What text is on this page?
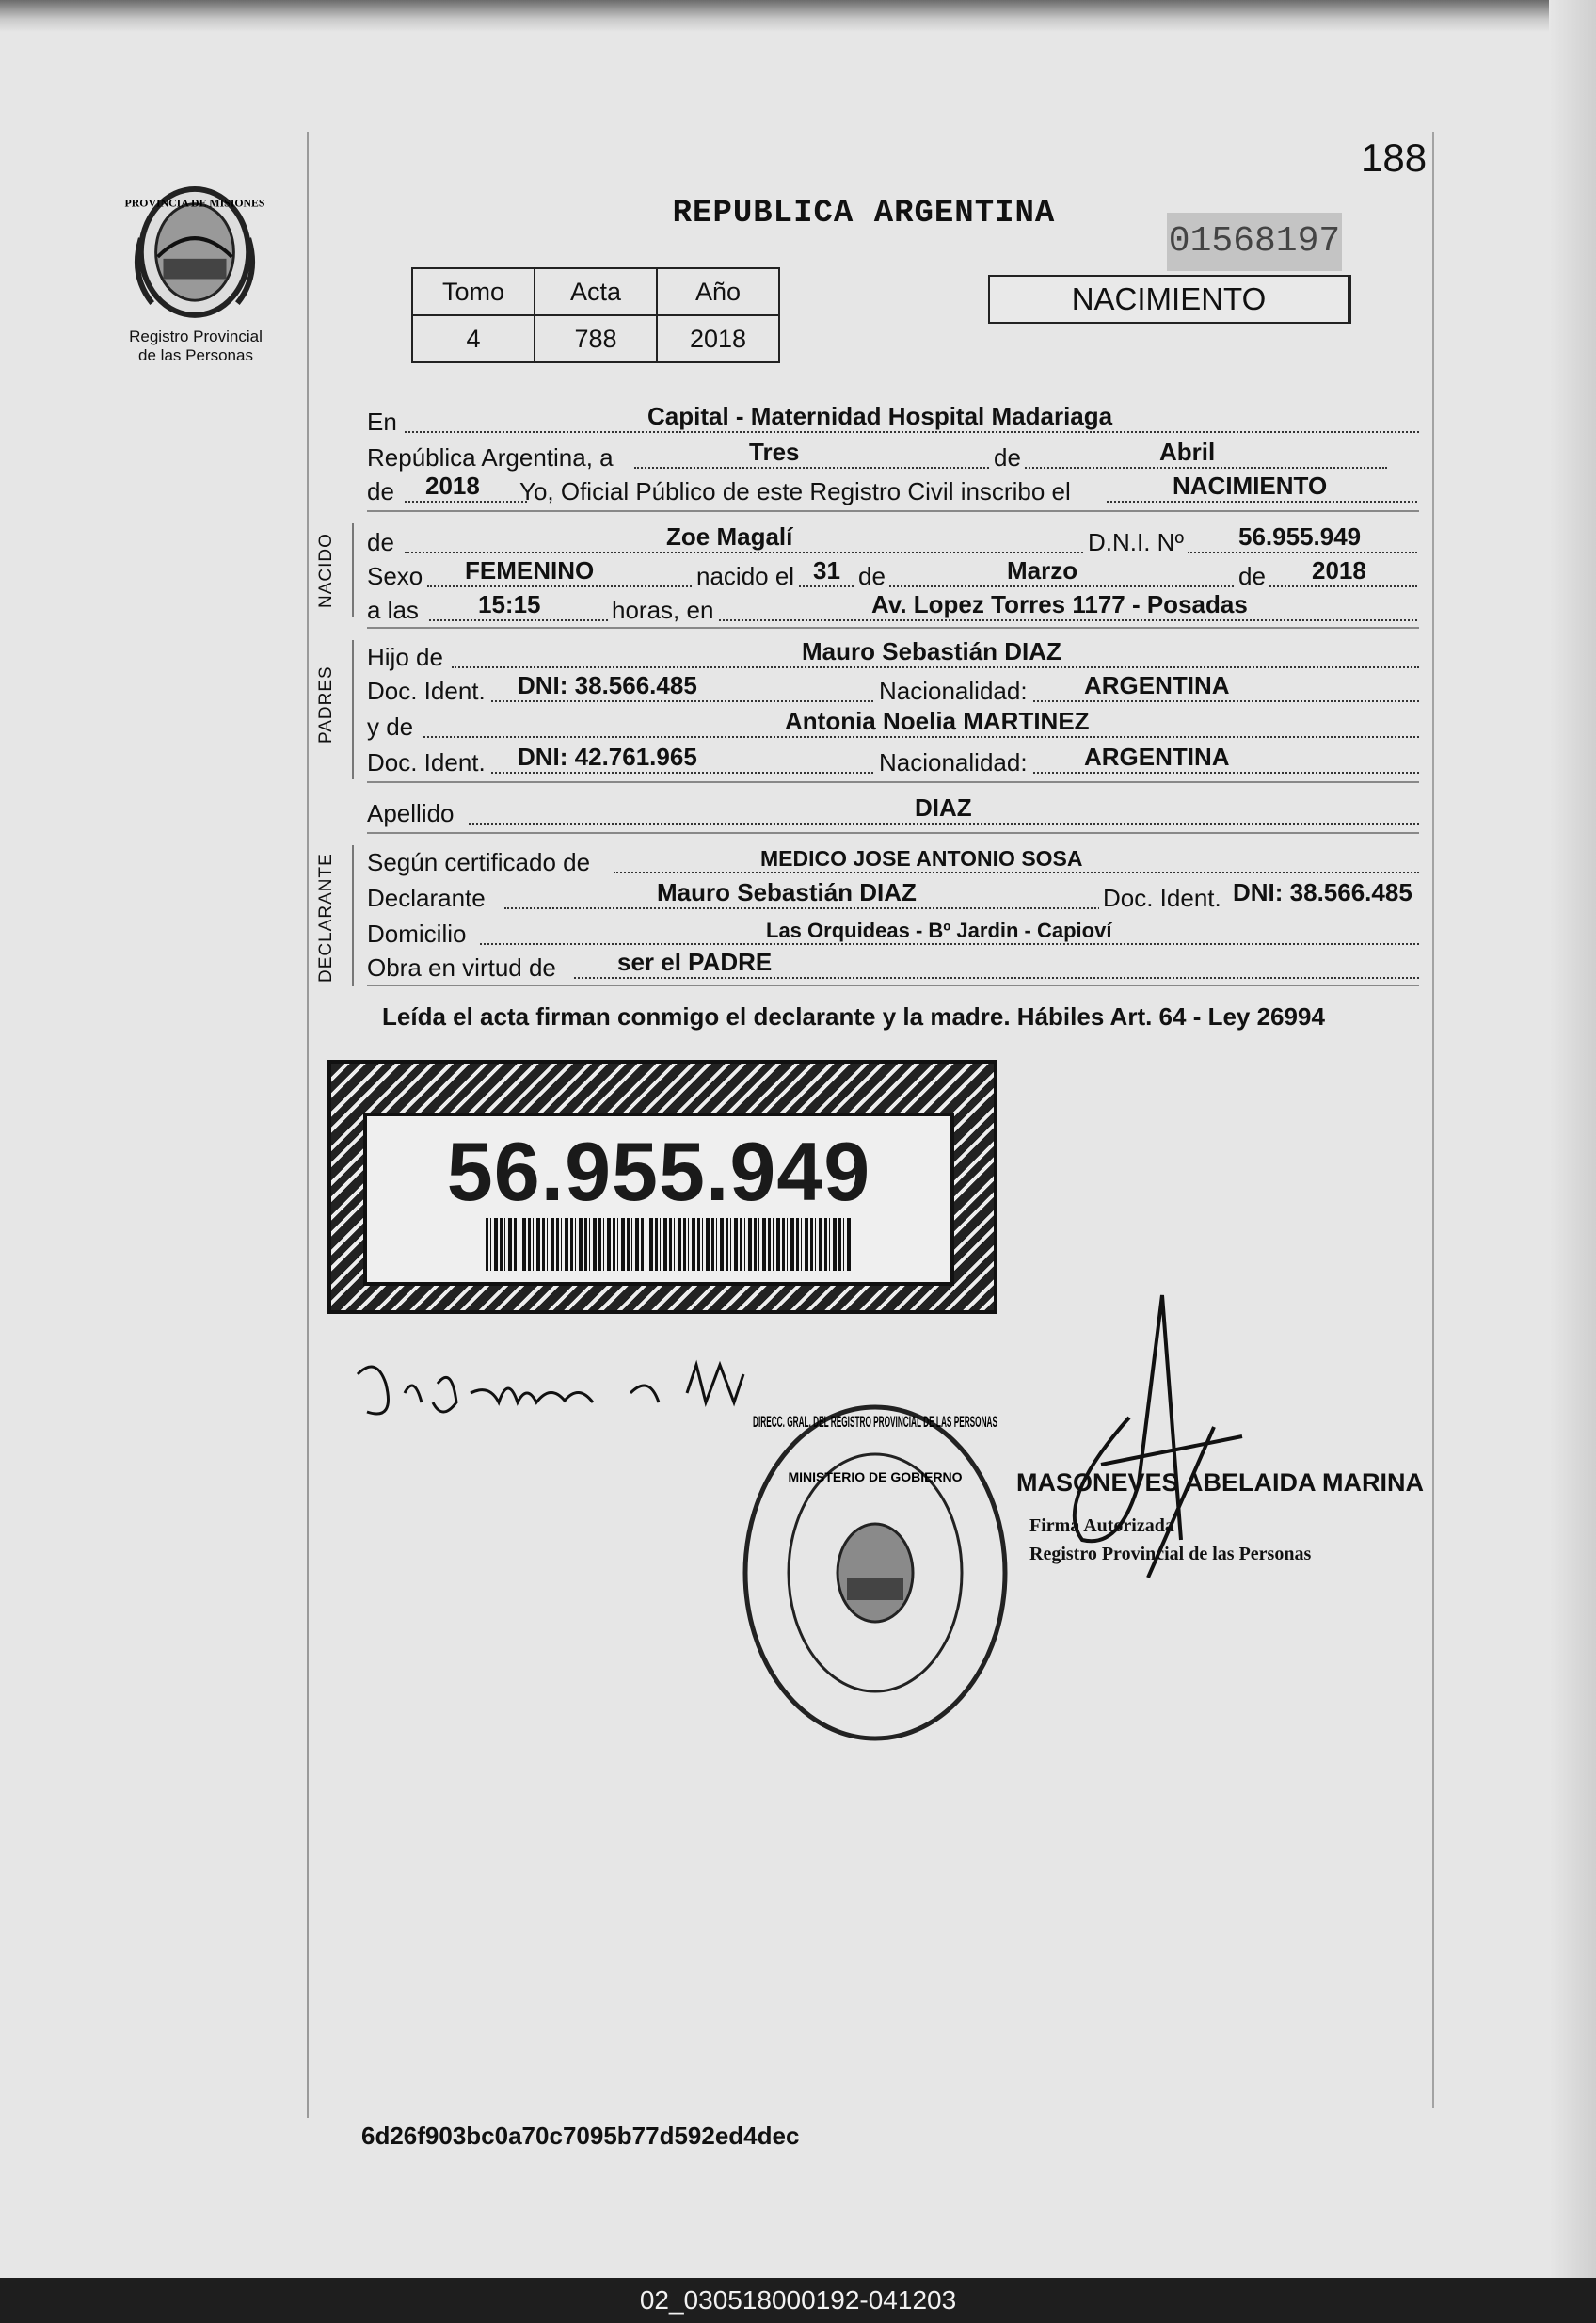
PROVINCIA DE MISIONES
Registro Provincial
de las Personas
188
REPUBLICA ARGENTINA
01568197
NACIMIENTO
Tomo	Acta	Año
4	788	2018
En	Capital - Maternidad Hospital Madariaga
República Argentina, a	Tres	de	Abril
de 2018 Yo, Oficial Público de este Registro Civil inscribo el	NACIMIENTO
NACIDO de	Zoe Magalí	D.N.I. Nº 56.955.949
Sexo FEMENINO	nacido el 31 de	Marzo	de 2018
a las 15:15	horas, en	Av. Lopez Torres 1177 - Posadas
PADRES
Hijo de	Mauro Sebastián DIAZ
Doc. Ident. DNI: 38.566.485	Nacionalidad: ARGENTINA
y de	Antonia Noelia MARTINEZ
Doc. Ident. DNI: 42.761.965	Nacionalidad: ARGENTINA
Apellido	DIAZ
DECLARANTE Según certificado de	MEDICO JOSE ANTONIO SOSA
Declarante	Mauro Sebastián DIAZ	Doc. Ident. DNI: 38.566.485
Domicilio	Las Orquideas - Bº Jardin - Capioví
Obra en virtud de	ser el PADRE
Leída el acta firman conmigo el declarante y la madre. Hábiles Art. 64 - Ley 26994
56.955.949
Diaz mauro. MDM
DIRECC. GRAL. DEL REGISTRO PROVINCIAL DE LAS PERSONAS
MINISTERIO DE GOBIERNO MASONEVES ABELAIDA MARINA
Firma Autorizada
Registro Provincial de las Personas
6d26f903bc0a70c7095b77d592ed4dec
02_030518000192-041203
